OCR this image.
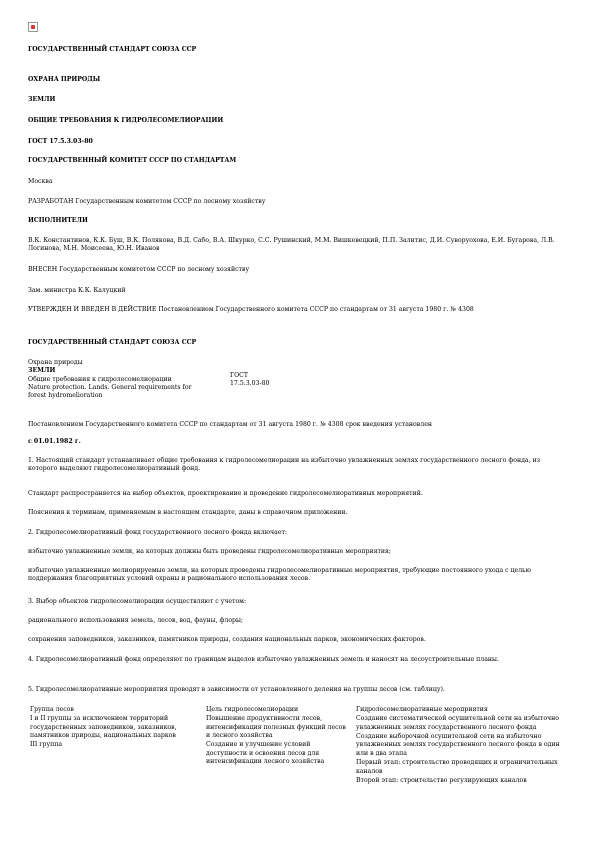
ГОСУДАРСТВЕННЫЙ СТАНДАРТ СОЮЗА ССР
ОХРАНА ПРИРОДЫ
ЗЕМЛИ
ОБЩИЕ ТРЕБОВАНИЯ К ГИДРОЛЕСОМЕЛИОРАЦИИ
ГОСТ 17.5.3.03-80
ГОСУДАРСТВЕННЫЙ КОМИТЕТ СССР ПО СТАНДАРТАМ
Москва
РАЗРАБОТАН Государственным комитетом СССР по лесному хозяйству
ИСПОЛНИТЕЛИ
В.К. Константинов, К.К. Буш, В.К. Полякова, В.Д. Сабо, В.А. Шкурко, С.С. Рушинский, М.М. Вишкевецкий, П.П. Залитис, Д.И. Суворуохова, Е.И. Бугарова, Л.В. Логинова, М.Н. Моисеева, Ю.Н. Иванов
ВНЕСЕН Государственным комитетом СССР по лесному хозяйству
Зам. министра К.К. Калуцкий
УТВЕРЖДЕН И ВВЕДЕН В ДЕЙСТВИЕ Постановлением Государственного комитета СССР по стандартам от 31 августа 1980 г. № 4308
ГОСУДАРСТВЕННЫЙ СТАНДАРТ СОЮЗА ССР
Охрана природы
ЗЕМЛИ
Общие требования к гидролесомелиорации
Nature protection. Lands. General requirements for
forest hydromelioration
ГОСТ
17.5.3.03-80
Постановлением Государственного комитета СССР по стандартам от 31 августа 1980 г. № 4308 срок введения установлен
с 01.01.1982 г.
1. Настоящий стандарт устанавливает общие требования к гидролесомелиорации на избыточно увлажненных землях государственного лесного фонда, из которого выделяют гидролесомелиоративный фонд.
Стандарт распространяется на выбор объектов, проектирование и проведение гидролесомелиоративных мероприятий.
Пояснения к терминам, применяемым в настоящем стандарте, даны в справочном приложении.
2. Гидролесомелиоративный фонд государственного лесного фонда включает:
избыточно увлажненные земли, на которых должны быть проведены гидролесомелиоративные мероприятия;
избыточно увлажненные мелиорируемые земли, на которых проведены гидролесомелиоративные мероприятия, требующие постоянного ухода с целью поддержания благоприятных условий охраны и рационального использования лесов.
3. Выбор объектов гидролесомелиорации осуществляют с учетом:
рационального использования земель, лесов, вод, фауны, флоры;
сохранения заповедников, заказников, памятников природы, создания национальных парков, экономических факторов.
4. Гидролесомелиоративный фонд определяют по границам выделов избыточно увлажненных земель и наносят на лесоустроительные планы.
5. Гидролесомелиоративные мероприятия проводят в зависимости от установленного деления на группы лесов (см. таблицу).
Группа лесов
I и II группы за исключением территорий государственных заповедников, заказников, памятников природы, национальных парков
III группа
Цель гидролесомелиорации
Повышение продуктивности лесов, интенсификация полезных функций лесов и лесного хозяйства
Создание и улучшение условий доступности и освоения лесов для интенсификации лесного хозяйства
Гидролесомелиоративные мероприятия
Создание систематической осушительной сети на избыточно увлажненных землях государственного лесного фонда
Создание выборочной осушительной сети на избыточно увлажненных землях государственного лесного фонда в один или в два этапа
Первый этап: строительство проводящих и ограничительных каналов
Второй этап: строительство регулирующих каналов
